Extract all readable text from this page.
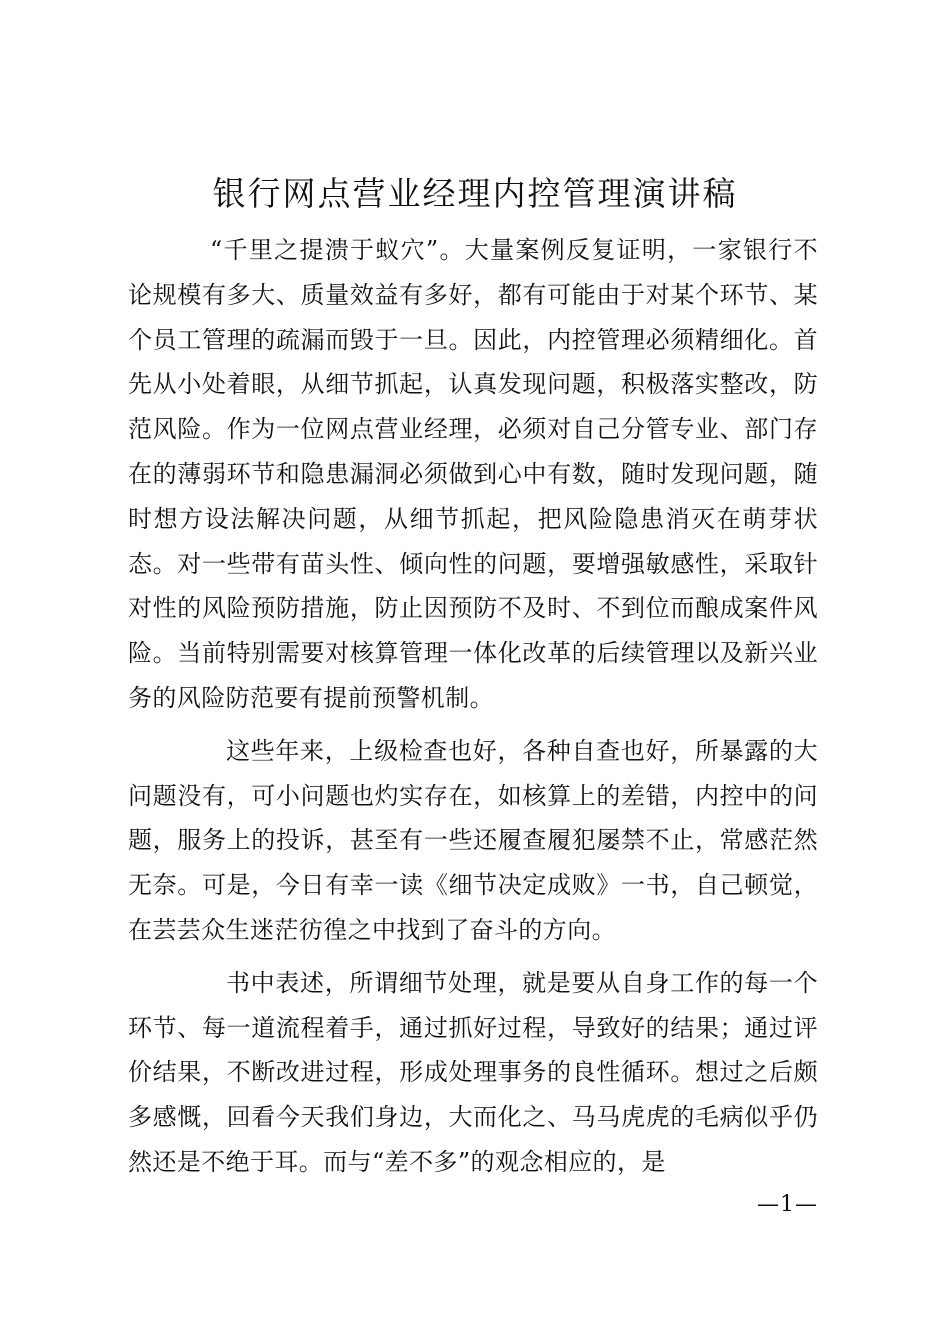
银行网点营业经理内控管理演讲稿

“千里之提溃于蚁穴”。大量案例反复证明，一家银行不论规模有多大、质量效益有多好，都有可能由于对某个环节、某个员工管理的疏漏而毁于一旦。因此，内控管理必须精细化。首先从小处着眼，从细节抓起，认真发现问题，积极落实整改，防范风险。作为一位网点营业经理，必须对自己分管专业、部门存在的薄弱环节和隐患漏洞必须做到心中有数，随时发现问题，随时想方设法解决问题，从细节抓起，把风险隐患消灭在萌芽状态。对一些带有苗头性、倾向性的问题，要增强敏感性，采取针对性的风险预防措施，防止因预防不及时、不到位而酿成案件风险。当前特别需要对核算管理一体化改革的后续管理以及新兴业务的风险防范要有提前预警机制。

这些年来，上级检查也好，各种自查也好，所暴露的大问题没有，可小问题也灼实存在，如核算上的差错，内控中的问题，服务上的投诉，甚至有一些还履查履犯屡禁不止，常感茫然无奈。可是，今日有幸一读《细节决定成败》一书，自己顿觉，在芸芸众生迷茫彷徨之中找到了奋斗的方向。

书中表述，所谓细节处理，就是要从自身工作的每一个环节、每一道流程着手，通过抓好过程，导致好的结果；通过评价结果，不断改进过程，形成处理事务的良性循环。想过之后颇多感慨，回看今天我们身边，大而化之、马马虎虎的毛病似乎仍然还是不绝于耳。而与“差不多”的观念相应的，是

—1—
